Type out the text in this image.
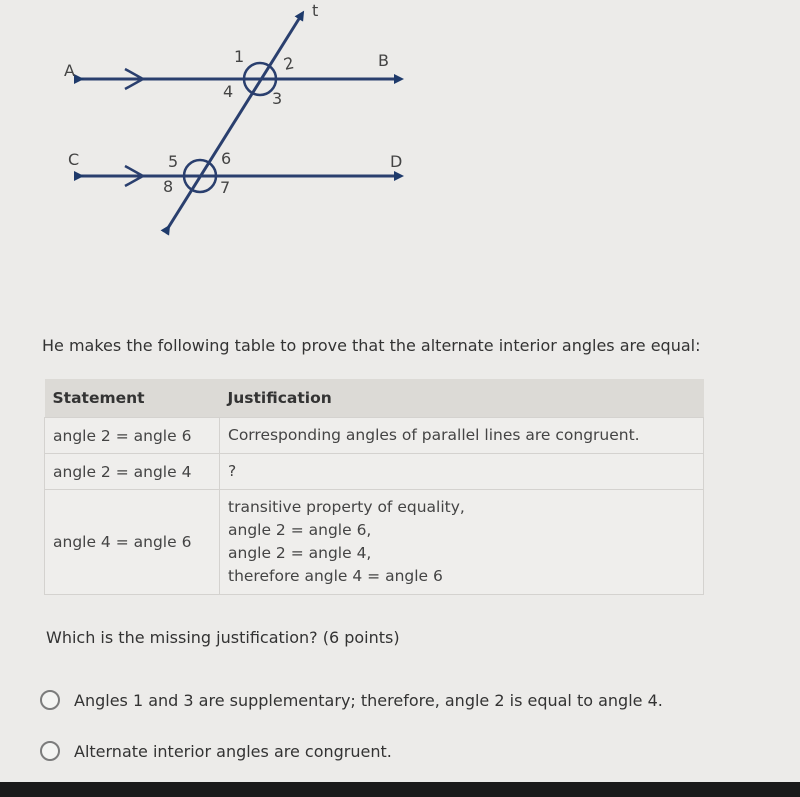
t
A
B
C	D
1 2
3
4
5	6
7
8
He makes the following table to prove that the alternate interior angles are equal:
Statement	Justification
angle 2 = angle 6	Corresponding angles of parallel lines are congruent.

angle 2 = angle 4	?

angle 4 = angle 6	transitive property of equality,
angle 2 = angle 6,
angle 2 = angle 4,
therefore angle 4 = angle 6
Which is the missing justification? (6 points)
Angles 1 and 3 are supplementary; therefore, angle 2 is equal to angle 4.
Alternate interior angles are congruent.
